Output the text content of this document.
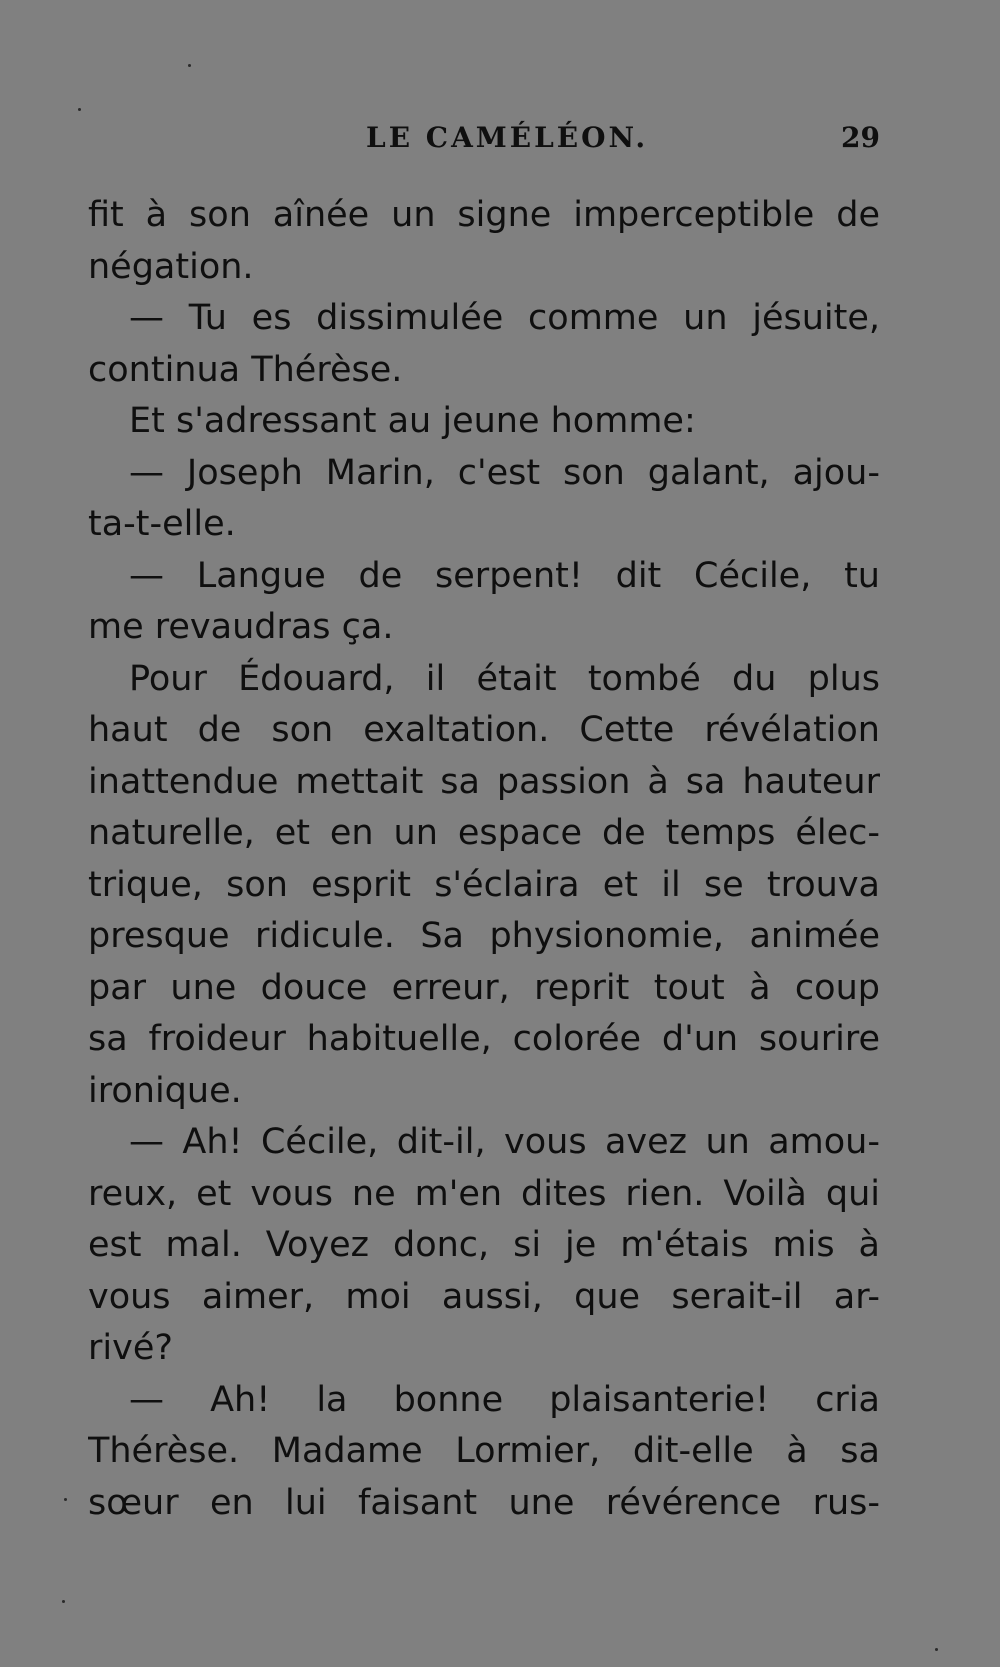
LE CAMÉLÉON.	29
fit à son aînée un signe imperceptible de
négation.
— Tu es dissimulée comme un jésuite,
continua Thérèse.
Et s'adressant au jeune homme:
— Joseph Marin, c'est son galant, ajou-
ta-t-elle.
— Langue de serpent! dit Cécile, tu
me revaudras ça.
Pour Édouard, il était tombé du plus
haut de son exaltation. Cette révélation
inattendue mettait sa passion à sa hauteur
naturelle, et en un espace de temps élec-
trique, son esprit s'éclaira et il se trouva
presque ridicule. Sa physionomie, animée
par une douce erreur, reprit tout à coup
sa froideur habituelle, colorée d'un sourire
ironique.
— Ah! Cécile, dit-il, vous avez un amou-
reux, et vous ne m'en dites rien. Voilà qui
est mal. Voyez donc, si je m'étais mis à
vous aimer, moi aussi, que serait-il ar-
rivé?
— Ah! la bonne plaisanterie! cria
Thérèse. Madame Lormier, dit-elle à sa
sœur en lui faisant une révérence rus-
